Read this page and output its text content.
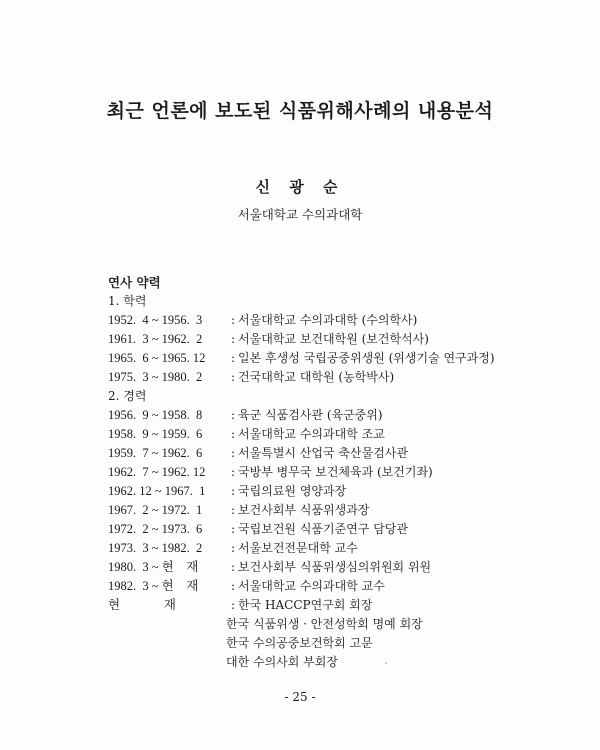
최근 언론에 보도된 식품위해사례의 내용분석
신 광 순
서울대학교 수의과대학
연사 약력
1. 학력
1952.  4 ~ 1956.  3	: 서울대학교 수의과대학 (수의학사)
1961.  3 ~ 1962.  2	: 서울대학교 보건대학원 (보건학석사)
1965.  6 ~ 1965. 12	: 일본 후생성 국립공중위생원 (위생기술 연구과정)
1975.  3 ~ 1980.  2	: 건국대학교 대학원 (농학박사)
2. 경력
1956.  9 ~ 1958.  8	: 육군 식품검사관 (육군중위)
1958.  9 ~ 1959.  6	: 서울대학교 수의과대학 조교
1959.  7 ~ 1962.  6	: 서울특별시 산업국 축산물검사관
1962.  7 ~ 1962. 12	: 국방부 병무국 보건체육과 (보건기좌)
1962. 12 ~ 1967.  1	: 국립의료원 영양과장
1967.  2 ~ 1972.  1	: 보건사회부 식품위생과장
1972.  2 ~ 1973.  6	: 국립보건원 식품기준연구 담당관
1973.  3 ~ 1982.  2	: 서울보건전문대학 교수
1980.  3 ~ 현    재	: 보건사회부 식품위생심의위원회 위원
1982.  3 ~ 현    재	: 서울대학교 수의과대학 교수
현              재	: 한국 HACCP연구회 회장
한국 식품위생 · 안전성학회 명예 회장
한국 수의공중보건학회 고문
대한 수의사회 부회장
- 25 -
